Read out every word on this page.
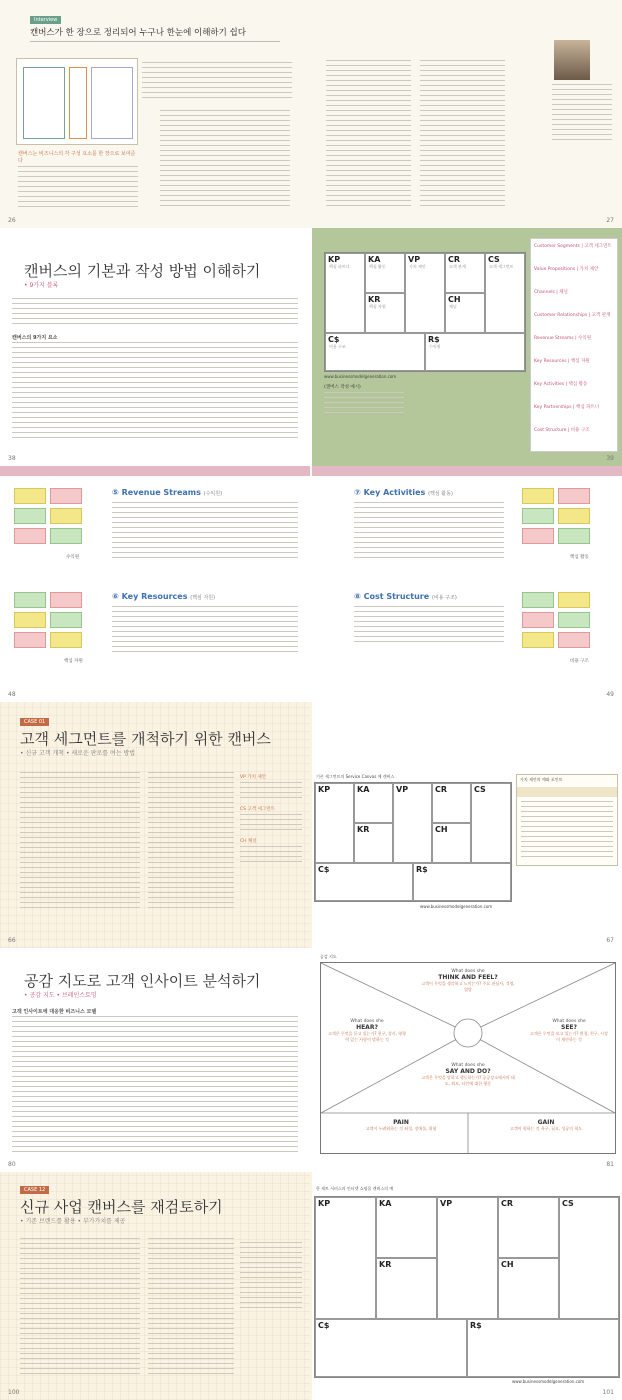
Interview
캔버스가 한 장으로 정리되어 누구나 한눈에 이해하기 쉽다
캔버스는 비즈니스의 각 구성 요소를 한 장으로 보여준다
26	27
캔버스의 기본과 작성 방법 이해하기
• 9가지 블록
캔버스의 9가지 요소
38
KP
핵심 파트너
KA
핵심 활동
KR
핵심 자원
VP
가치 제안
CR
고객 관계
CH
채널
CS
고객 세그먼트
C$
비용 구조
R$
수익원
www.businessmodelgeneration.com
(캔버스 작성 예시)
Customer Segments | 고객 세그먼트
Value Propositions | 가치 제안
Channels | 채널
Customer Relationships | 고객 관계
Revenue Streams | 수익원
Key Resources | 핵심 자원
Key Activities | 핵심 활동
Key Partnerships | 핵심 파트너
Cost Structure | 비용 구조
39
수익원
⑤ Revenue Streams (수익원)
핵심 자원
⑥ Key Resources (핵심 자원)
48
⑦ Key Activities (핵심 활동)
핵심 활동
⑧ Cost Structure (비용 구조)
비용 구조
49
CASE 01
고객 세그먼트를 개척하기 위한 캔버스
• 신규 고객 개척 • 새로운 판로를 여는 방법
VP 가치 제안
CS 고객 세그먼트
CH 채널
66
기존 세그먼트의 Service Canvas 예 캔버스
KP	KA
KR
VP	CR
CH
CS
C$	R$
www.businessmodelgeneration.com
가치 제안의 예와 포인트
67
공감 지도로 고객 인사이트 분석하기
• 공감 지도 • 브레인스토밍
고객 인사이트에 대응한 비즈니스 모델
80
공감 지도
What does she
THINK AND FEEL?
고객이 무엇을 생각하고 느끼는가? 주요 관심사, 걱정, 열망
What does she
HEAR?
고객은 무엇을 듣고 있는가? 친구, 상사, 영향력 있는 사람이 말하는 것
What does she
SEE?
고객은 무엇을 보고 있는가? 환경, 친구, 시장이 제안하는 것
What does she
SAY AND DO?
고객은 무엇을 말하고 행동하는가? 공공장소에서의 태도, 외모, 타인에 대한 행동
PAIN
고객이 두려워하는 것 좌절, 장애물, 위험
GAIN
고객이 원하는 것 욕구, 필요, 성공의 척도
81
CASE 12
신규 사업 캔버스를 재검토하기
• 기존 브랜드를 활용 • 부가가치를 제공
100
한 세트 서비스의 인터넷 쇼핑몰 캔버스의 예
KP	KA
KR
VP	CR
CH
CS
C$	R$
www.businessmodelgeneration.com
101
